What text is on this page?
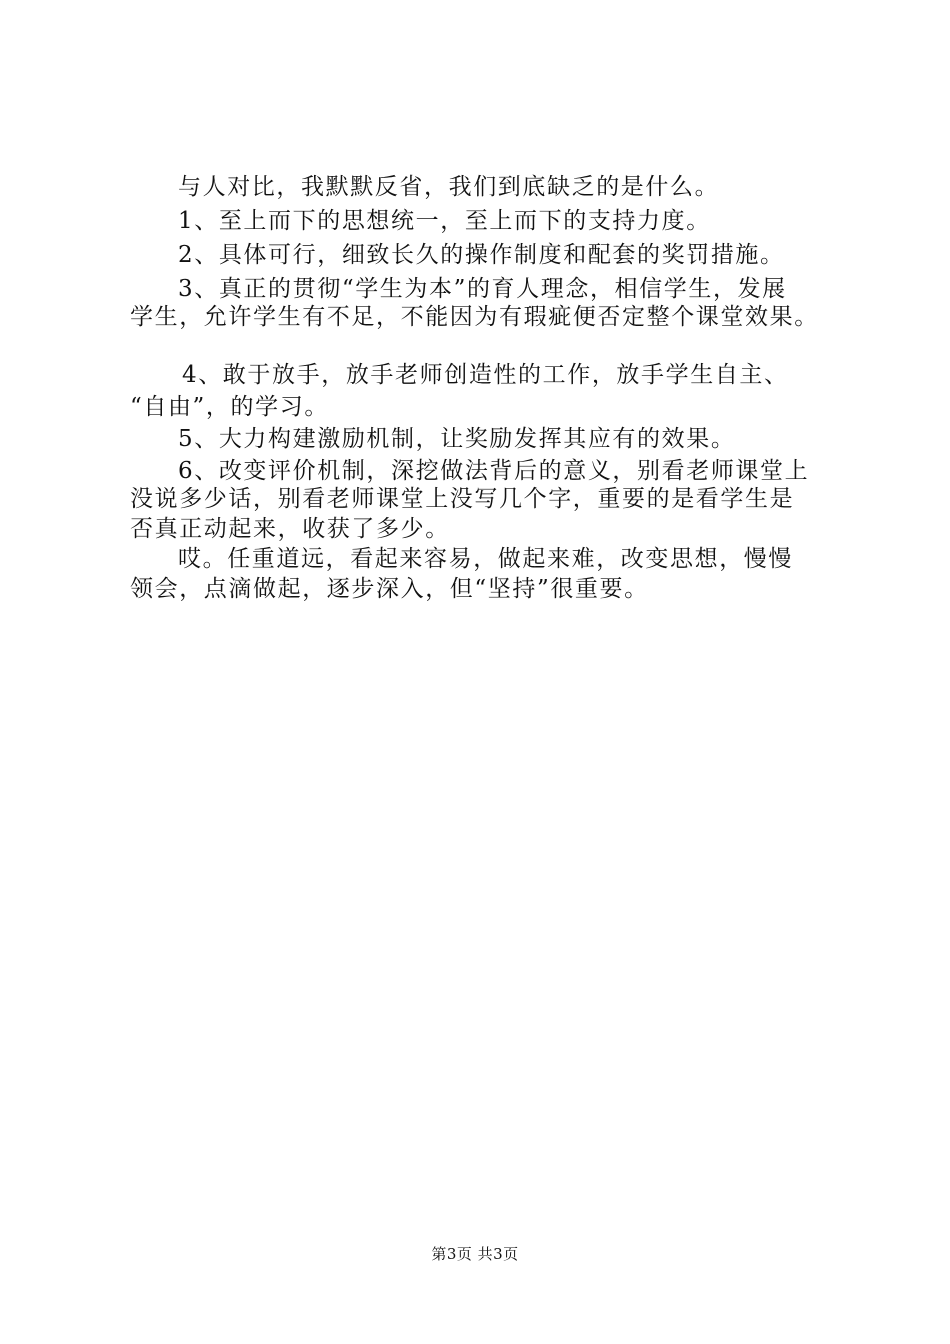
与人对比，我默默反省，我们到底缺乏的是什么。
1、至上而下的思想统一，至上而下的支持力度。
2、具体可行，细致长久的操作制度和配套的奖罚措施。
3、真正的贯彻“学生为本”的育人理念，相信学生，发展
学生，允许学生有不足，不能因为有瑕疵便否定整个课堂效果。
4、敢于放手，放手老师创造性的工作，放手学生自主、
“自由”，的学习。
5、大力构建激励机制，让奖励发挥其应有的效果。
6、改变评价机制，深挖做法背后的意义，别看老师课堂上
没说多少话，别看老师课堂上没写几个字，重要的是看学生是
否真正动起来，收获了多少。
哎。任重道远，看起来容易，做起来难，改变思想，慢慢
领会，点滴做起，逐步深入，但“坚持”很重要。
第3页 共3页
